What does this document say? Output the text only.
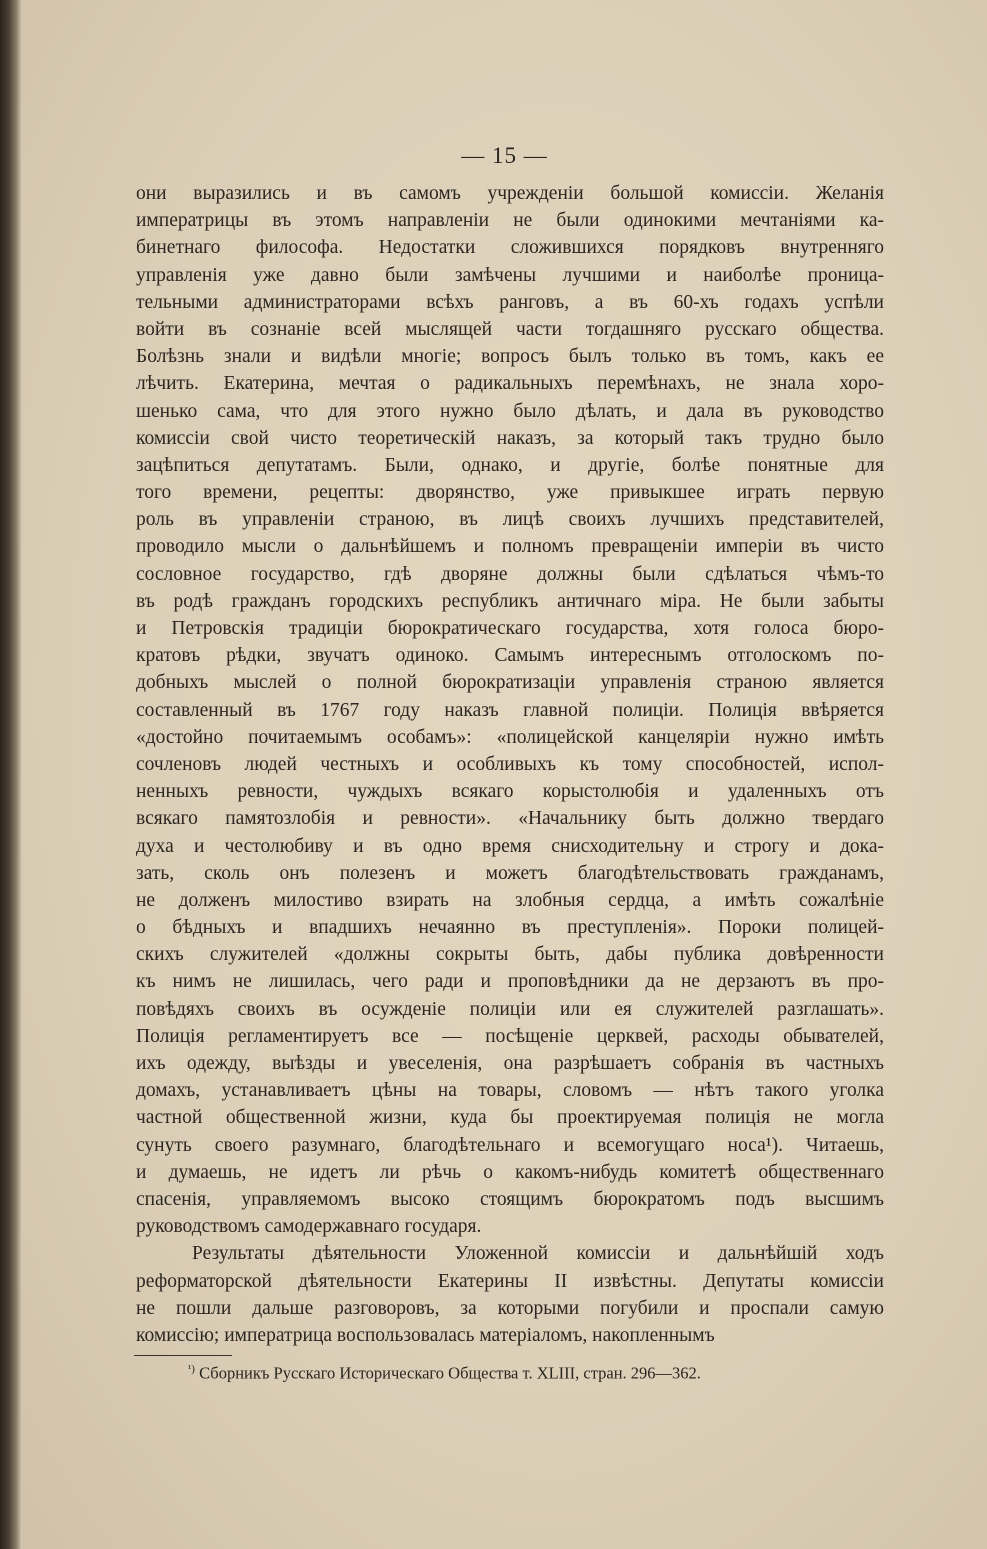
— 15 —
они выразились и въ самомъ учрежденіи большой комиссіи. Желанія
императрицы въ этомъ направленіи не были одинокими мечтаніями ка-
бинетнаго философа. Недостатки сложившихся порядковъ внутренняго
управленія уже давно были замѣчены лучшими и наиболѣе проница-
тельными администраторами всѣхъ ранговъ, а въ 60-хъ годахъ успѣли
войти въ сознаніе всей мыслящей части тогдашняго русскаго общества.
Болѣзнь знали и видѣли многіе; вопросъ былъ только въ томъ, какъ ее
лѣчить. Екатерина, мечтая о радикальныхъ перемѣнахъ, не знала хоро-
шенько сама, что для этого нужно было дѣлать, и дала въ руководство
комиссіи свой чисто теоретическій наказъ, за который такъ трудно было
зацѣпиться депутатамъ. Были, однако, и другіе, болѣе понятные для
того времени, рецепты: дворянство, уже привыкшее играть первую
роль въ управленіи страною, въ лицѣ своихъ лучшихъ представителей,
проводило мысли о дальнѣйшемъ и полномъ превращеніи имперіи въ чисто
сословное государство, гдѣ дворяне должны были сдѣлаться чѣмъ-то
въ родѣ гражданъ городскихъ республикъ античнаго міра. Не были забыты
и Петровскія традиціи бюрократическаго государства, хотя голоса бюро-
кратовъ рѣдки, звучатъ одиноко. Самымъ интереснымъ отголоскомъ по-
добныхъ мыслей о полной бюрократизаціи управленія страною является
составленный въ 1767 году наказъ главной полиціи. Полиція ввѣряется
«достойно почитаемымъ особамъ»: «полицейской канцеляріи нужно имѣть
сочленовъ людей честныхъ и особливыхъ къ тому способностей, испол-
ненныхъ ревности, чуждыхъ всякаго корыстолюбія и удаленныхъ отъ
всякаго памятозлобія и ревности». «Начальнику быть должно твердаго
духа и честолюбиву и въ одно время снисходительну и строгу и дока-
зать, сколь онъ полезенъ и можетъ благодѣтельствовать гражданамъ,
не долженъ милостиво взирать на злобныя сердца, а имѣть сожалѣніе
о бѣдныхъ и впадшихъ нечаянно въ преступленія». Пороки полицей-
скихъ служителей «должны сокрыты быть, дабы публика довѣренности
къ нимъ не лишилась, чего ради и проповѣдники да не дерзаютъ въ про-
повѣдяхъ своихъ въ осужденіе полиціи или ея служителей разглашать».
Полиція регламентируетъ все — посѣщеніе церквей, расходы обывателей,
ихъ одежду, выѣзды и увеселенія, она разрѣшаетъ собранія въ частныхъ
домахъ, устанавливаетъ цѣны на товары, словомъ — нѣтъ такого уголка
частной общественной жизни, куда бы проектируемая полиція не могла
сунуть своего разумнаго, благодѣтельнаго и всемогущаго носа¹). Читаешь,
и думаешь, не идетъ ли рѣчь о какомъ-нибудь комитетѣ общественнаго
спасенія, управляемомъ высоко стоящимъ бюрократомъ подъ высшимъ
руководствомъ самодержавнаго государя.
Результаты дѣятельности Уложенной комиссіи и дальнѣйшій ходъ
реформаторской дѣятельности Екатерины II извѣстны. Депутаты комиссіи
не пошли дальше разговоровъ, за которыми погубили и проспали самую
комиссію; императрица воспользовалась матеріаломъ, накопленнымъ
$^{^1)}$ Сборникъ Русскаго Историческаго Общества т. XLIII, стран. 296—362.
